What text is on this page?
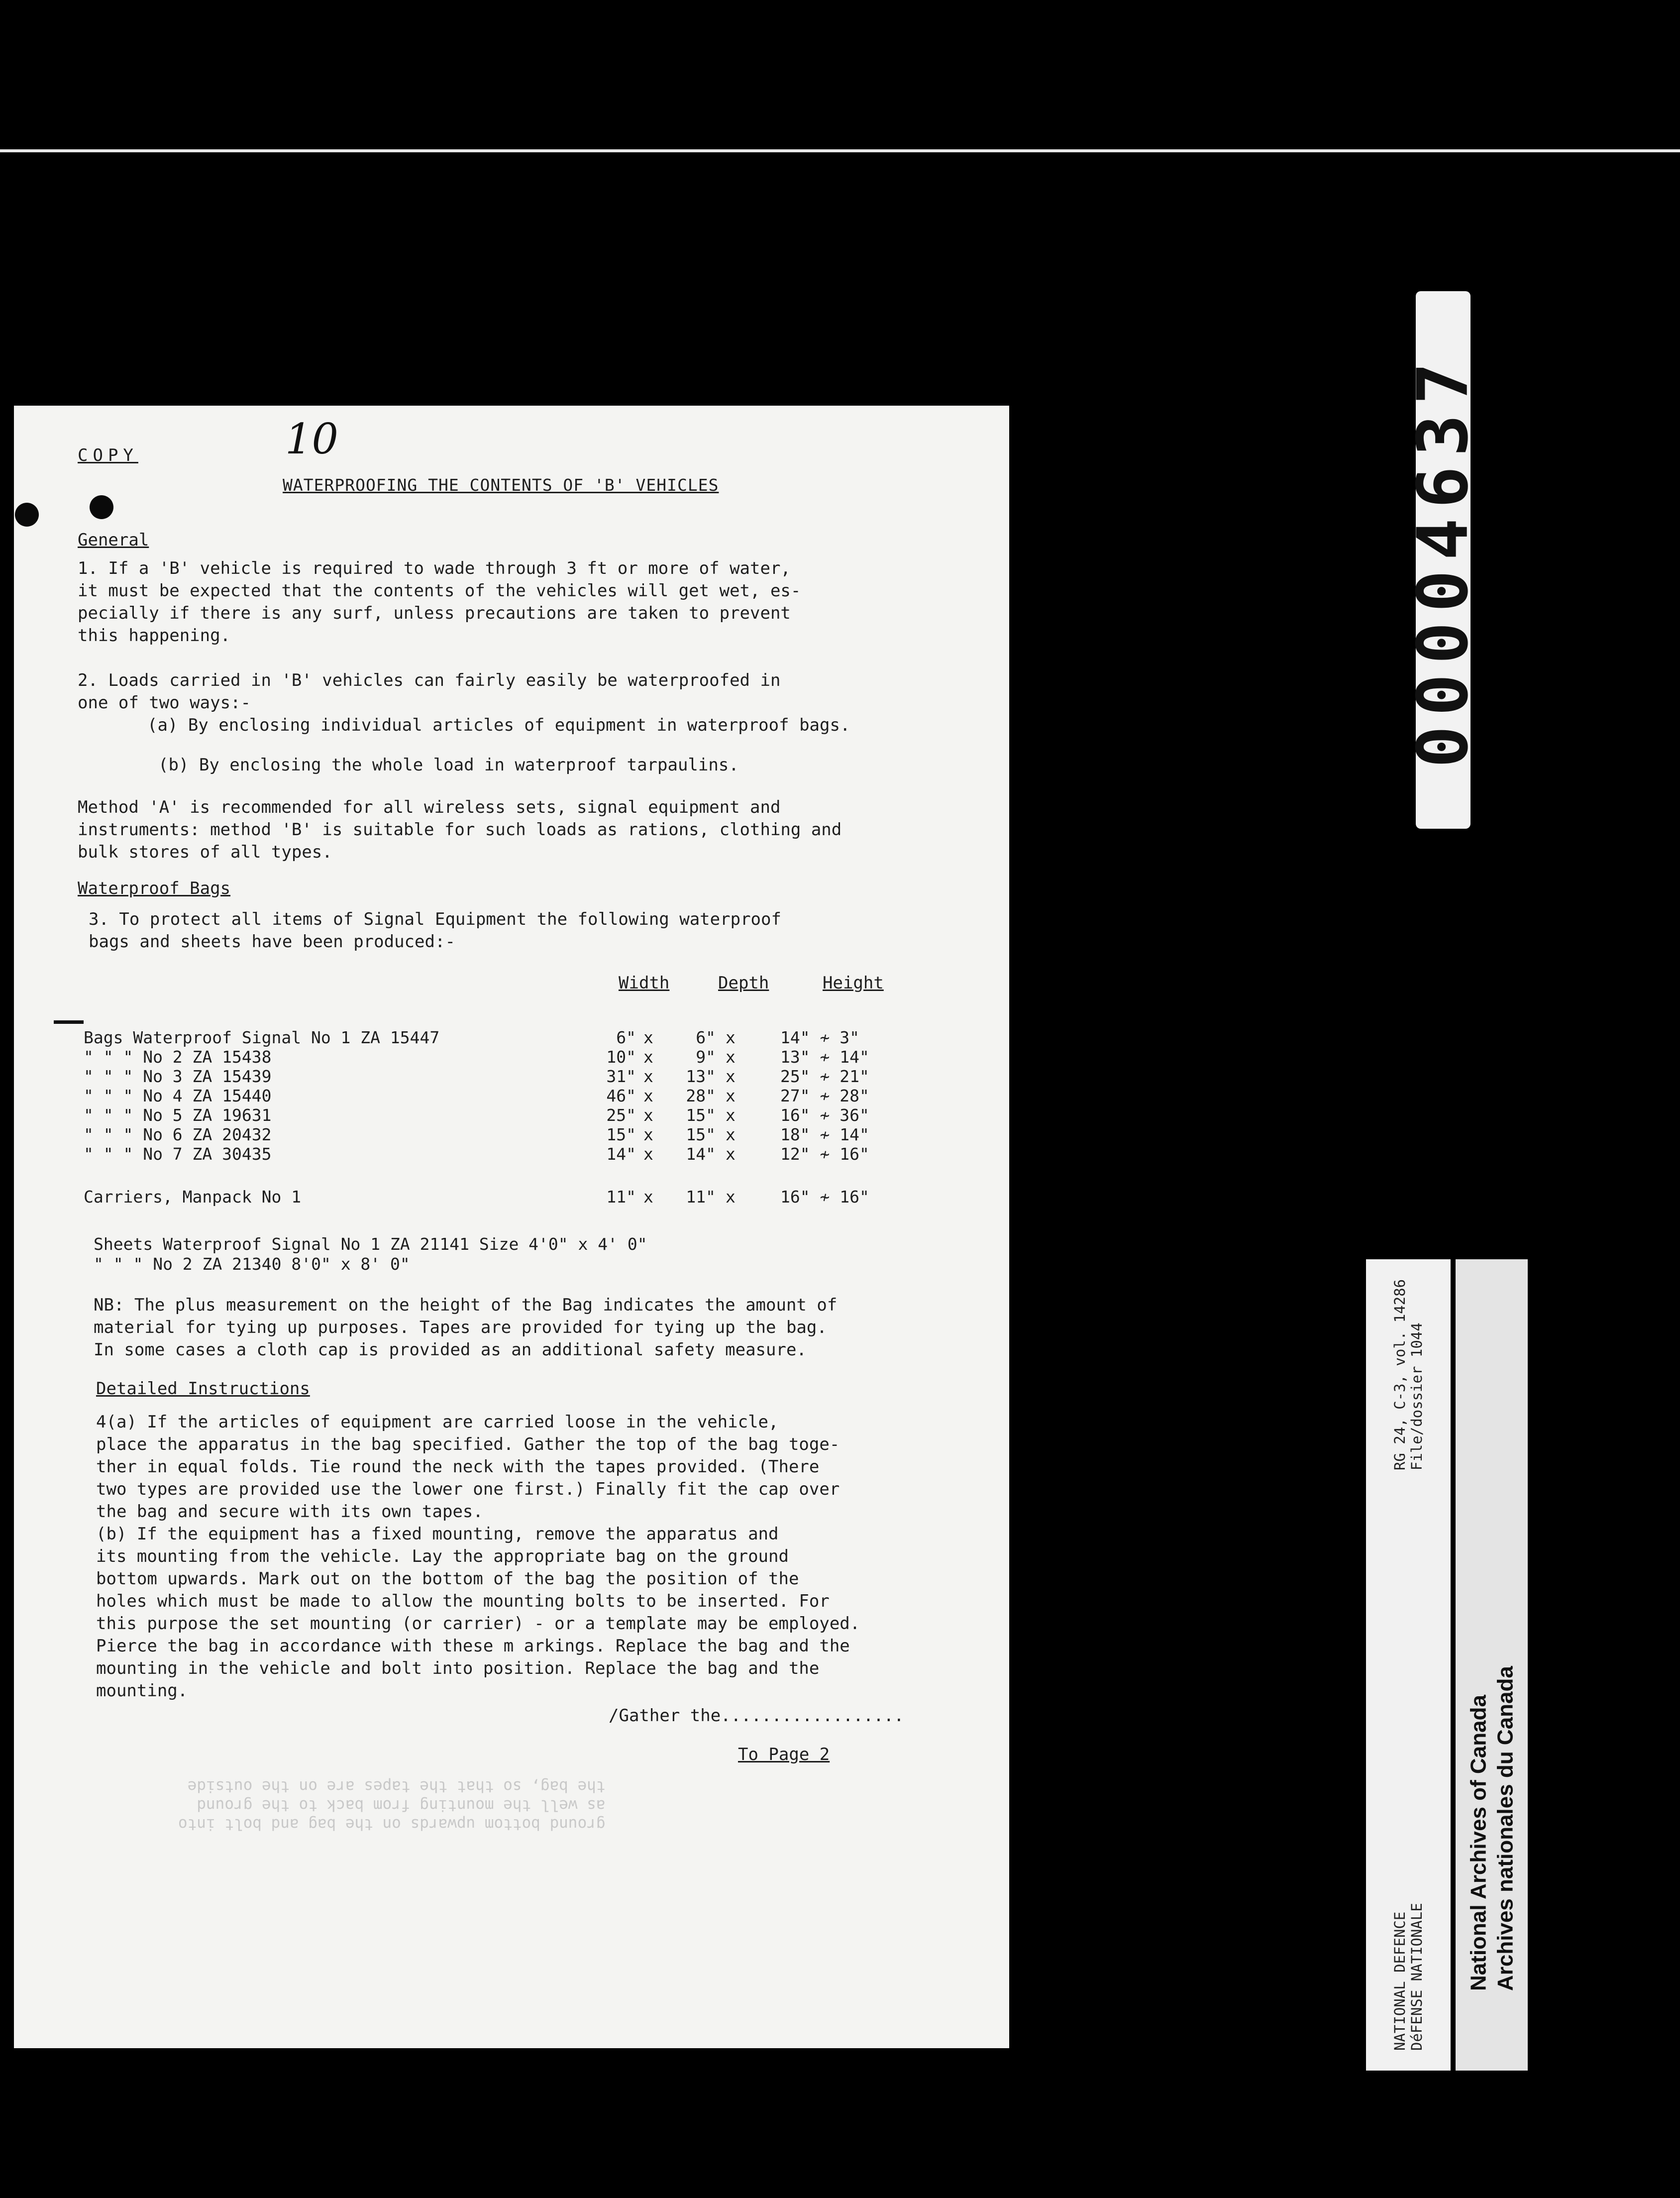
00004637
COPY	10
WATERPROOFING THE CONTENTS OF 'B' VEHICLES
General
1. If a 'B' vehicle is required to wade through 3 ft or more of water,
it must be expected that the contents of the vehicles will get wet, es-
pecially if there is any surf, unless precautions are taken to prevent
this happening.
2. Loads carried in 'B' vehicles can fairly easily be waterproofed in
one of two ways:-
(a) By enclosing individual articles of equipment in waterproof bags.
(b) By enclosing the whole load in waterproof tarpaulins.
Method 'A' is recommended for all wireless sets, signal equipment and
instruments: method 'B' is suitable for such loads as rations, clothing and
bulk stores of all types.
Waterproof Bags
3. To protect all items of Signal Equipment the following waterproof
bags and sheets have been produced:-
Width	Depth	Height
Bags Waterproof Signal No 1 ZA 15447	6" x	6" x	14" ≁ 3"
" " " No 2 ZA 15438	10" x	9" x	13" ≁ 14"
" " " No 3 ZA 15439	31" x	13" x	25" ≁ 21"
" " " No 4 ZA 15440	46" x	28" x	27" ≁ 28"
" " " No 5 ZA 19631	25" x	15" x	16" ≁ 36"
" " " No 6 ZA 20432	15" x	15" x	18" ≁ 14"
" " " No 7 ZA 30435	14" x	14" x	12" ≁ 16"
Carriers, Manpack No 1	11" x	11" x	16" ≁ 16"
Sheets Waterproof Signal No 1 ZA 21141 Size 4'0" x 4' 0"
" " " No 2 ZA 21340 8'0" x 8' 0"
NB: The plus measurement on the height of the Bag indicates the amount of
material for tying up purposes. Tapes are provided for tying up the bag.
In some cases a cloth cap is provided as an additional safety measure.
Detailed Instructions
4(a) If the articles of equipment are carried loose in the vehicle,
place the apparatus in the bag specified. Gather the top of the bag toge-
ther in equal folds. Tie round the neck with the tapes provided. (There
two types are provided use the lower one first.) Finally fit the cap over
the bag and secure with its own tapes.
(b) If the equipment has a fixed mounting, remove the apparatus and
its mounting from the vehicle. Lay the appropriate bag on the ground
bottom upwards. Mark out on the bottom of the bag the position of the
holes which must be made to allow the mounting bolts to be inserted. For
this purpose the set mounting (or carrier) - or a template may be employed.
Pierce the bag in accordance with these m arkings. Replace the bag and the
mounting in the vehicle and bolt into position. Replace the bag and the
mounting.
/Gather the..................
To Page 2
ground bottom upwards on the bag and bolt into
as well the mounting from back to the ground
the bag, so that the tapes are on the outside
NATIONAL DEFENCE DéFENSE NATIONALE
RG 24, C-3, vol. 14286 File/dossier 1044
National Archives of Canada Archives nationales du Canada
